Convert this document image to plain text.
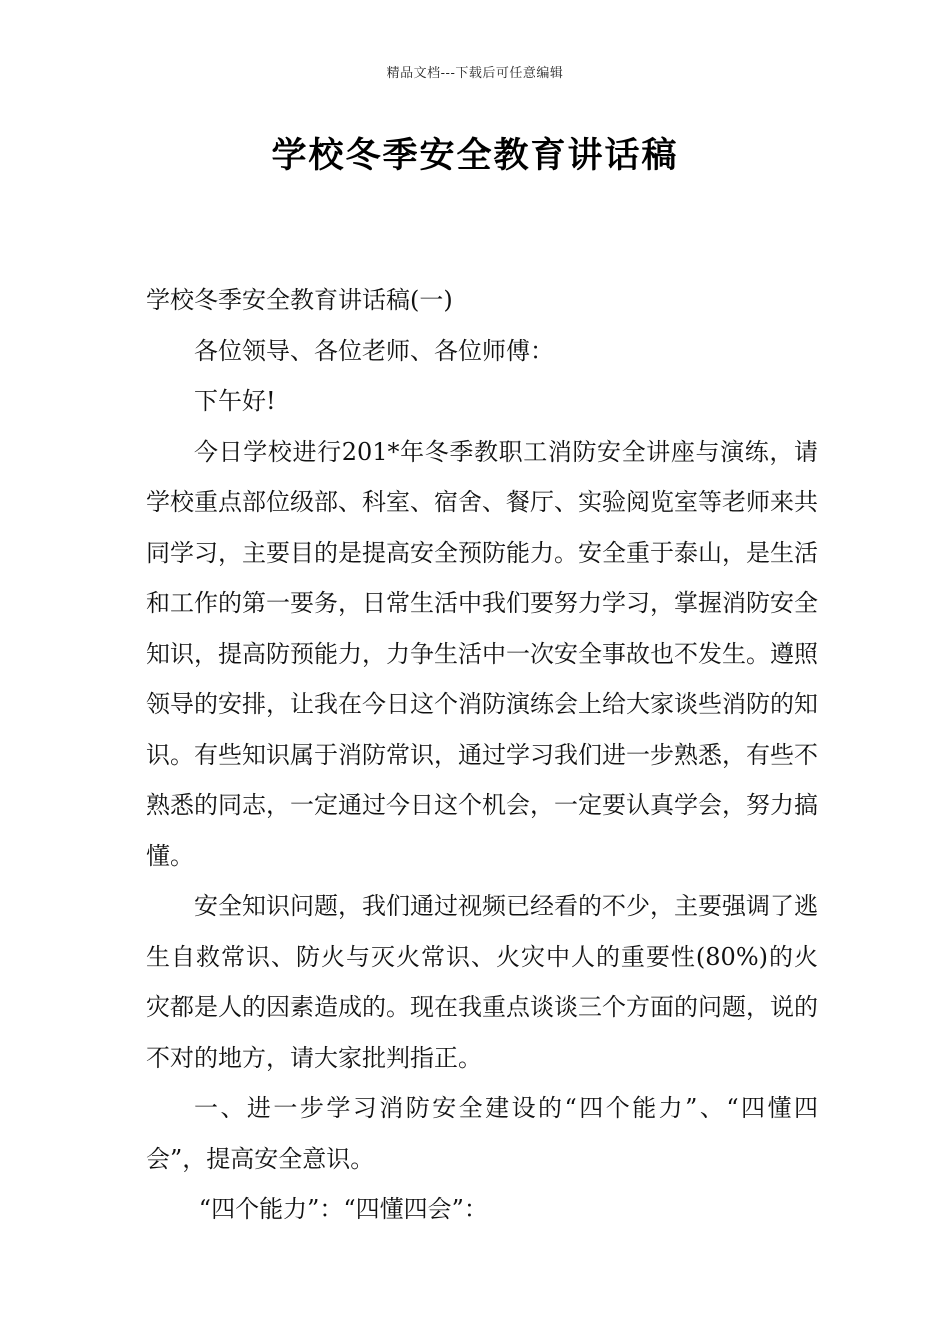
精品文档---下载后可任意编辑
学校冬季安全教育讲话稿

学校冬季安全教育讲话稿(一)

各位领导、各位老师、各位师傅：

下午好!

今日学校进行201*年冬季教职工消防安全讲座与演练，请学校重点部位级部、科室、宿舍、餐厅、实验阅览室等老师来共同学习，主要目的是提高安全预防能力。安全重于泰山，是生活和工作的第一要务，日常生活中我们要努力学习，掌握消防安全知识，提高防预能力，力争生活中一次安全事故也不发生。遵照领导的安排，让我在今日这个消防演练会上给大家谈些消防的知识。有些知识属于消防常识，通过学习我们进一步熟悉，有些不熟悉的同志，一定通过今日这个机会，一定要认真学会，努力搞懂。

安全知识问题，我们通过视频已经看的不少，主要强调了逃生自救常识、防火与灭火常识、火灾中人的重要性(80%)的火灾都是人的因素造成的。现在我重点谈谈三个方面的问题，说的不对的地方，请大家批判指正。

一、进一步学习消防安全建设的“四个能力”、“四懂四会”，提高安全意识。

“四个能力”：“四懂四会”：
